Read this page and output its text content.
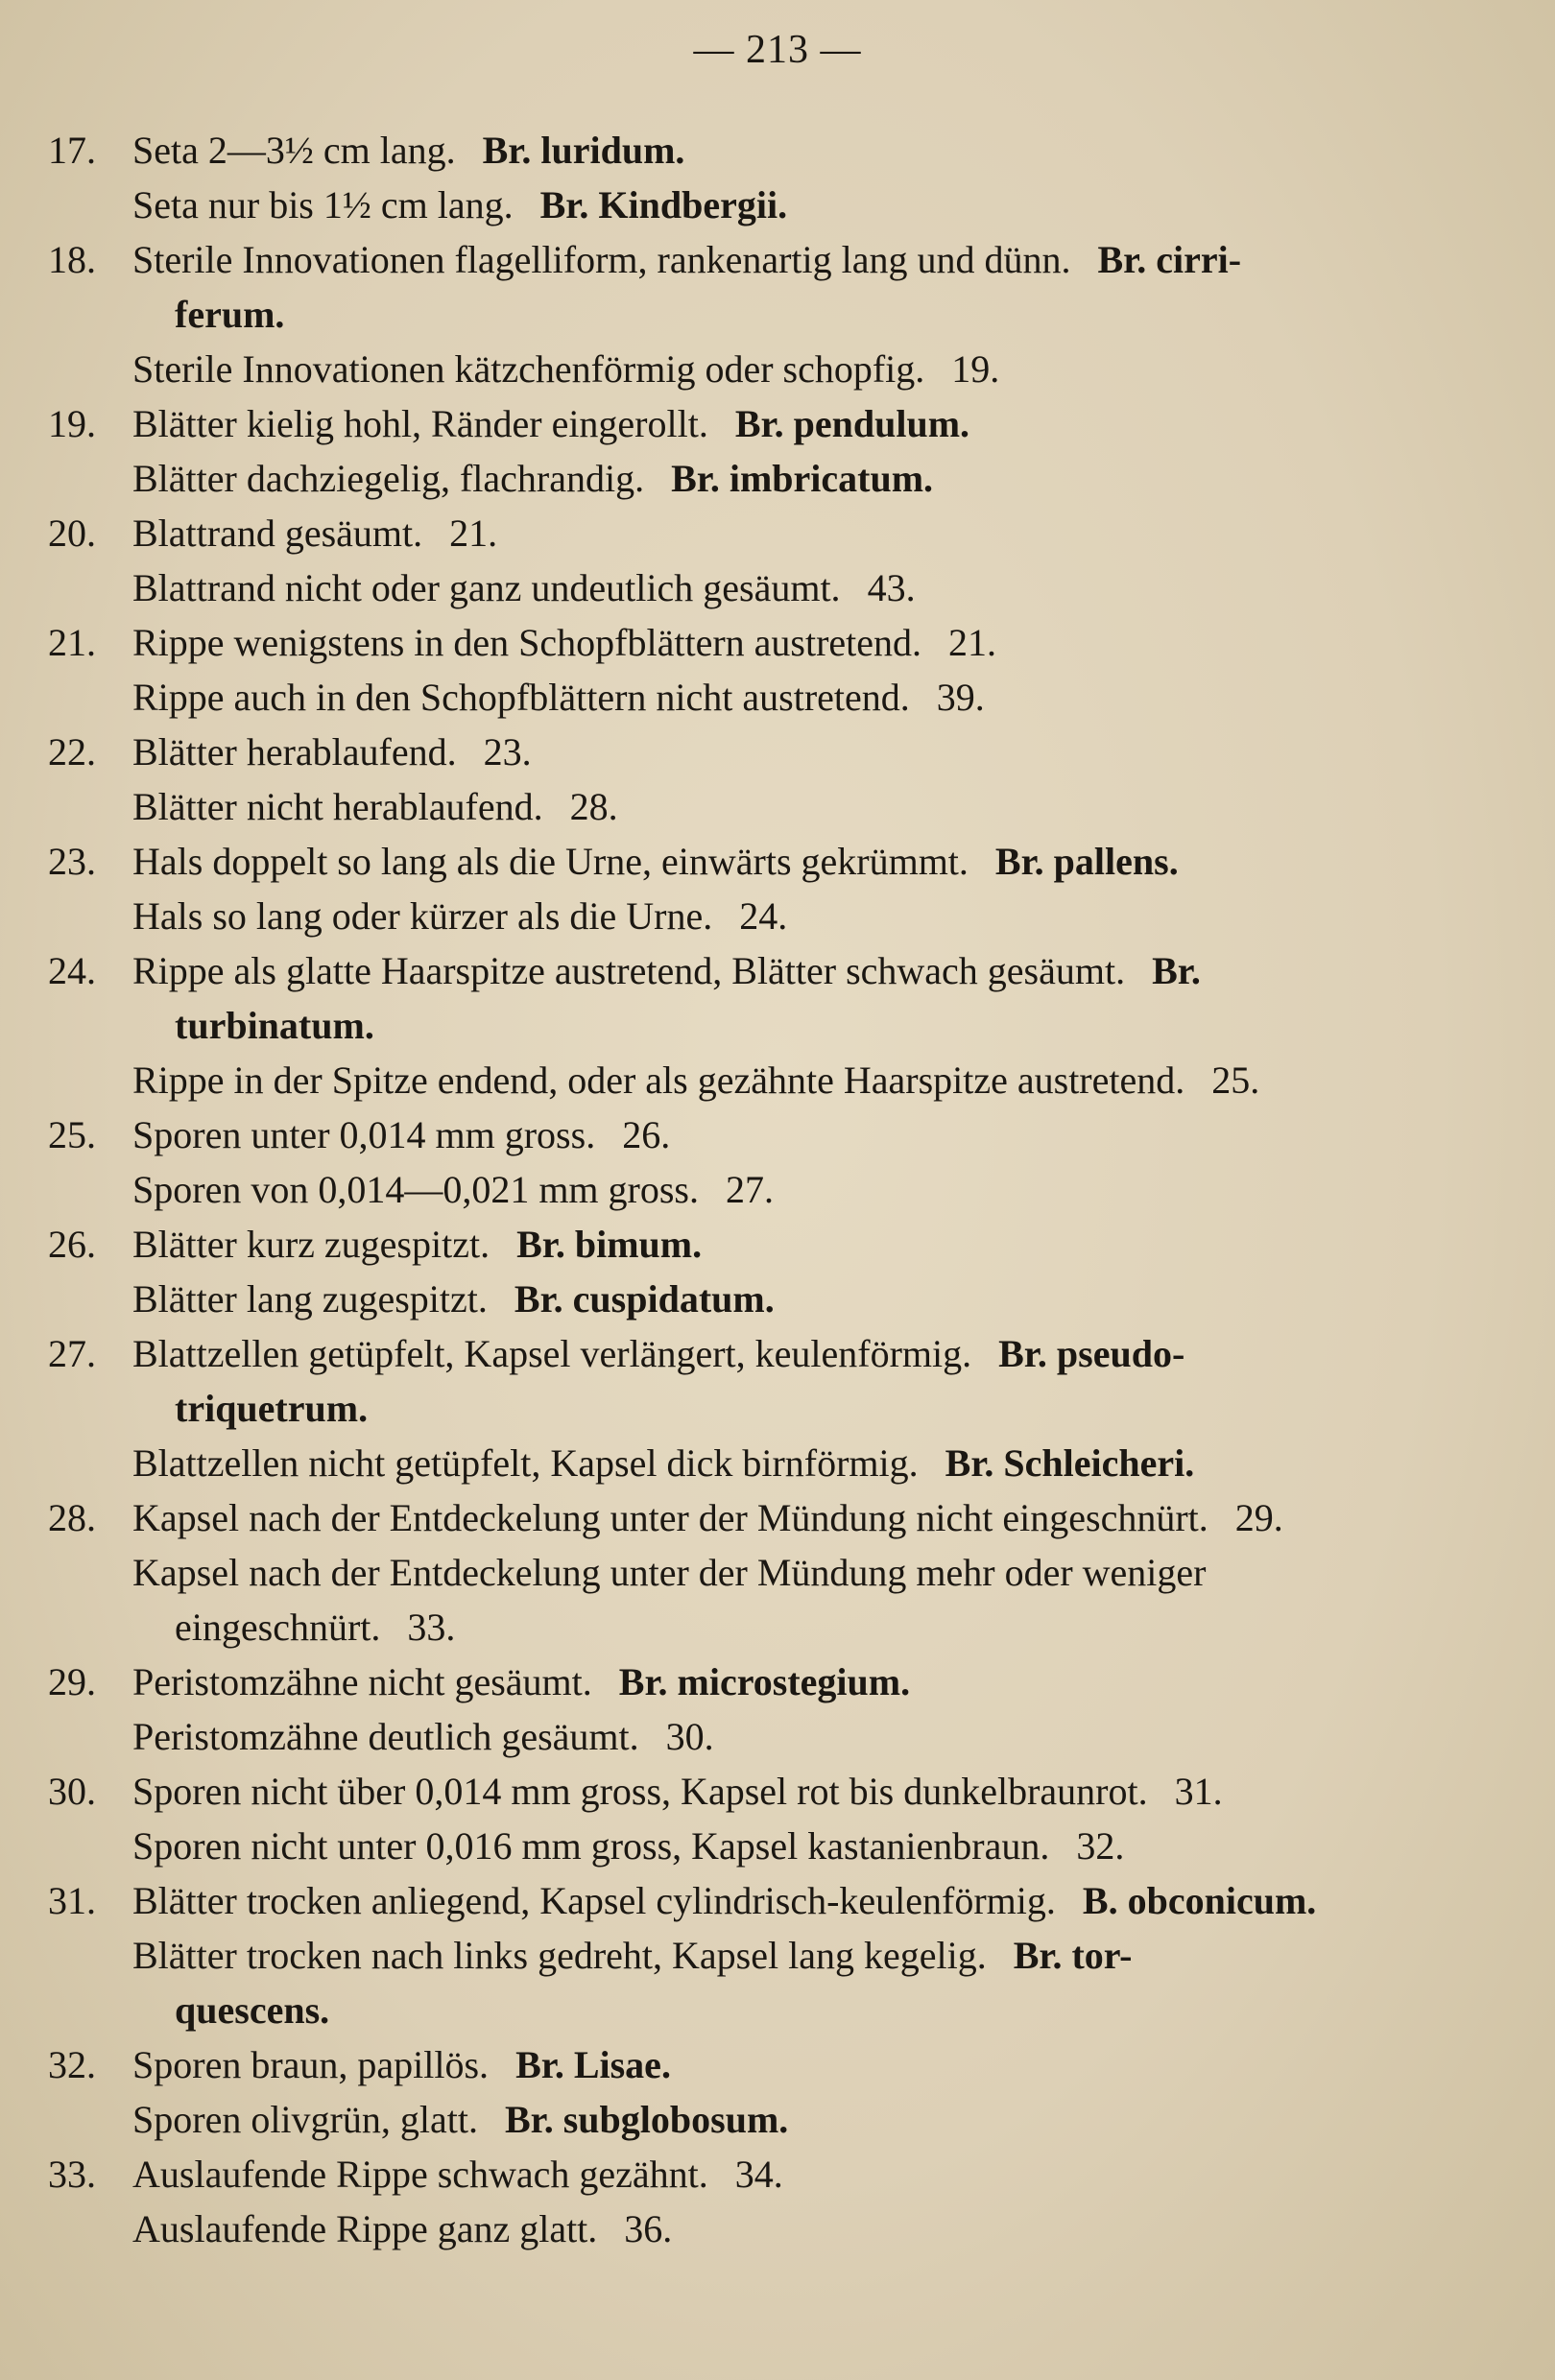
— 213 —
17. Seta 2—3½ cm lang. Br. luridum.
Seta nur bis 1½ cm lang. Br. Kindbergii.
18. Sterile Innovationen flagelliform, rankenartig lang und dünn. Br. cirri-
ferum.
Sterile Innovationen kätzchenförmig oder schopfig. 19.
19. Blätter kielig hohl, Ränder eingerollt. Br. pendulum.
Blätter dachziegelig, flachrandig. Br. imbricatum.
20. Blattrand gesäumt. 21.
Blattrand nicht oder ganz undeutlich gesäumt. 43.
21. Rippe wenigstens in den Schopfblättern austretend. 21.
Rippe auch in den Schopfblättern nicht austretend. 39.
22. Blätter herablaufend. 23.
Blätter nicht herablaufend. 28.
23. Hals doppelt so lang als die Urne, einwärts gekrümmt. Br. pallens.
Hals so lang oder kürzer als die Urne. 24.
24. Rippe als glatte Haarspitze austretend, Blätter schwach gesäumt. Br.
turbinatum.
Rippe in der Spitze endend, oder als gezähnte Haarspitze austretend. 25.
25. Sporen unter 0,014 mm gross. 26.
Sporen von 0,014—0,021 mm gross. 27.
26. Blätter kurz zugespitzt. Br. bimum.
Blätter lang zugespitzt. Br. cuspidatum.
27. Blattzellen getüpfelt, Kapsel verlängert, keulenförmig. Br. pseudo-
triquetrum.
Blattzellen nicht getüpfelt, Kapsel dick birnförmig. Br. Schleicheri.
28. Kapsel nach der Entdeckelung unter der Mündung nicht eingeschnürt. 29.
Kapsel nach der Entdeckelung unter der Mündung mehr oder weniger
eingeschnürt. 33.
29. Peristomzähne nicht gesäumt. Br. microstegium.
Peristomzähne deutlich gesäumt. 30.
30. Sporen nicht über 0,014 mm gross, Kapsel rot bis dunkelbraunrot. 31.
Sporen nicht unter 0,016 mm gross, Kapsel kastanienbraun. 32.
31. Blätter trocken anliegend, Kapsel cylindrisch-keulenförmig. B. obconicum.
Blätter trocken nach links gedreht, Kapsel lang kegelig. Br. tor-
quescens.
32. Sporen braun, papillös. Br. Lisae.
Sporen olivgrün, glatt. Br. subglobosum.
33. Auslaufende Rippe schwach gezähnt. 34.
Auslaufende Rippe ganz glatt. 36.
